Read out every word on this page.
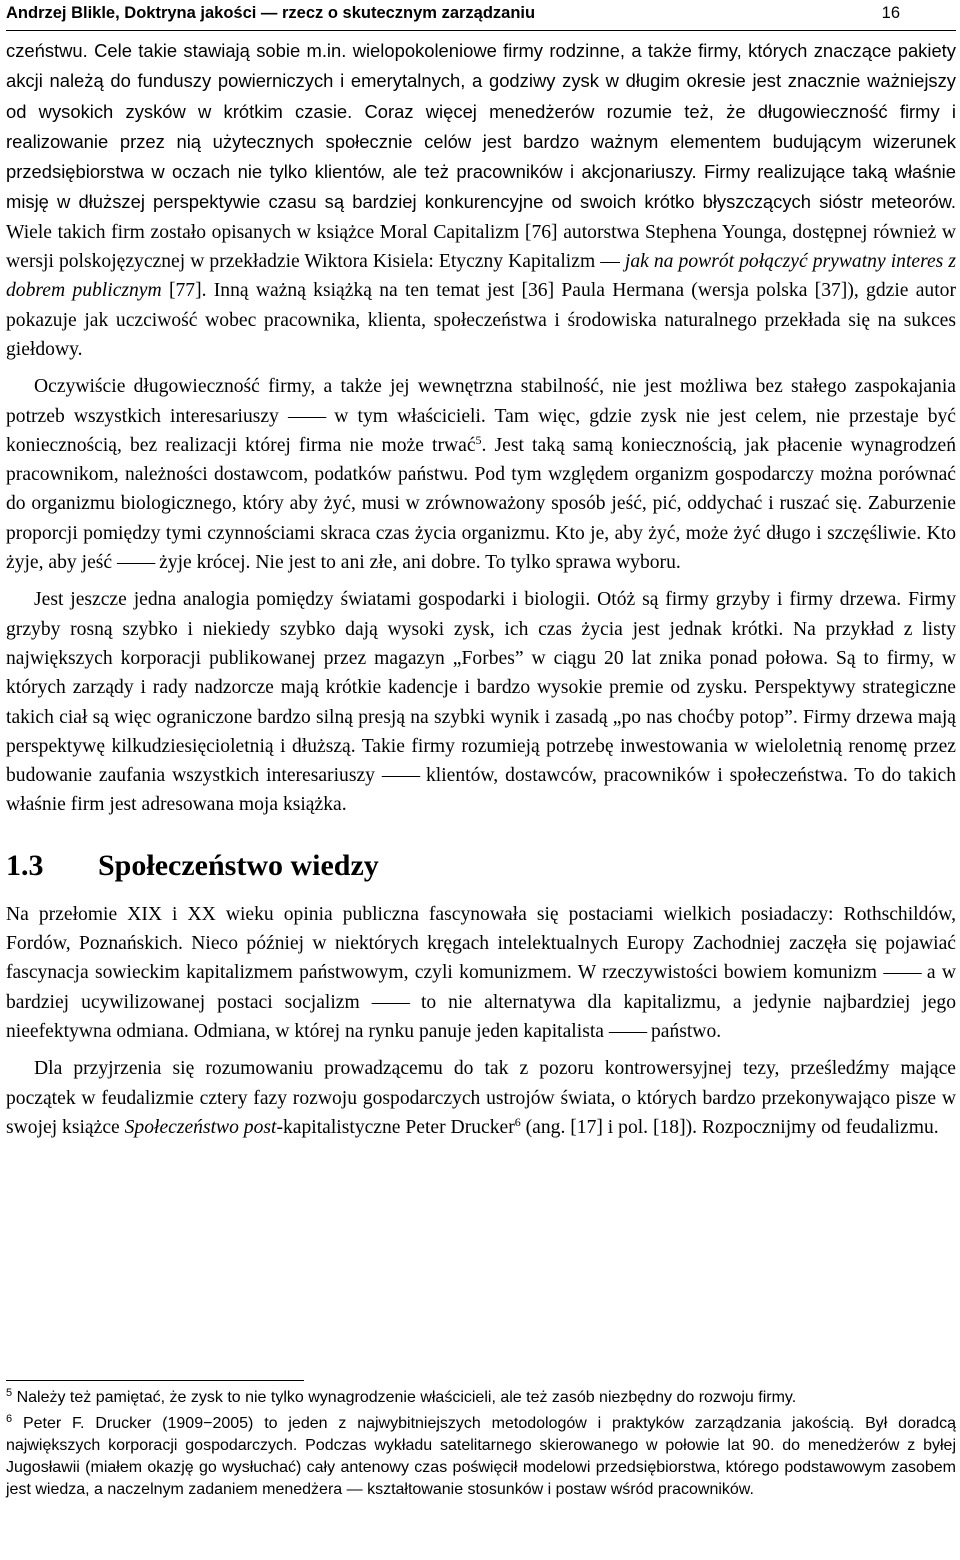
Andrzej Blikle, Doktryna jakości — rzecz o skutecznym zarządzaniu	16

czeństwu. Cele takie stawiają sobie m.in. wielopokoleniowe firmy rodzinne, a także firmy, których znaczące pakiety akcji należą do funduszy powierniczych i emerytalnych, a godziwy zysk w długim okresie jest znacznie ważniejszy od wysokich zysków w krótkim czasie. Coraz więcej menedżerów rozumie też, że długowieczność firmy i realizowanie przez nią użytecznych społecznie celów jest bardzo ważnym elementem budującym wizerunek przedsiębiorstwa w oczach nie tylko klientów, ale też pracowników i akcjonariuszy. Firmy realizujące taką właśnie misję w dłuższej perspektywie czasu są bardziej konkurencyjne od swoich krótko błyszczących sióstr meteorów. Wiele takich firm zostało opisanych w książce Moral Capitalizm [76] autorstwa Stephena Younga, dostępnej również w wersji polskojęzycznej w przekładzie Wiktora Kisiela: Etyczny Kapitalizm — jak na powrót połączyć prywatny interes z dobrem publicznym [77]. Inną ważną książką na ten temat jest [36] Paula Hermana (wersja polska [37]), gdzie autor pokazuje jak uczciwość wobec pracownika, klienta, społeczeństwa i środowiska naturalnego przekłada się na sukces giełdowy.

Oczywiście długowieczność firmy, a także jej wewnętrzna stabilność, nie jest możliwa bez stałego zaspokajania potrzeb wszystkich interesariuszy —— w tym właścicieli. Tam więc, gdzie zysk nie jest celem, nie przestaje być koniecznością, bez realizacji której firma nie może trwać$^5$. Jest taką samą koniecznością, jak płacenie wynagrodzeń pracownikom, należności dostawcom, podatków państwu. Pod tym względem organizm gospodarczy można porównać do organizmu biologicznego, który aby żyć, musi w zrównoważony sposób jeść, pić, oddychać i ruszać się. Zaburzenie proporcji pomiędzy tymi czynnościami skraca czas życia organizmu. Kto je, aby żyć, może żyć długo i szczęśliwie. Kto żyje, aby jeść —— żyje krócej. Nie jest to ani złe, ani dobre. To tylko sprawa wyboru.

Jest jeszcze jedna analogia pomiędzy światami gospodarki i biologii. Otóż są firmy grzyby i firmy drzewa. Firmy grzyby rosną szybko i niekiedy szybko dają wysoki zysk, ich czas życia jest jednak krótki. Na przykład z listy największych korporacji publikowanej przez magazyn „Forbes” w ciągu 20 lat znika ponad połowa. Są to firmy, w których zarządy i rady nadzorcze mają krótkie kadencje i bardzo wysokie premie od zysku. Perspektywy strategiczne takich ciał są więc ograniczone bardzo silną presją na szybki wynik i zasadą „po nas choćby potop”. Firmy drzewa mają perspektywę kilkudziesięcioletnią i dłuższą. Takie firmy rozumieją potrzebę inwestowania w wieloletnią renomę przez budowanie zaufania wszystkich interesariuszy —— klientów, dostawców, pracowników i społeczeństwa. To do takich właśnie firm jest adresowana moja książka.

1.3 Społeczeństwo wiedzy

Na przełomie XIX i XX wieku opinia publiczna fascynowała się postaciami wielkich posiadaczy: Rothschildów, Fordów, Poznańskich. Nieco później w niektórych kręgach intelektualnych Europy Zachodniej zaczęła się pojawiać fascynacja sowieckim kapitalizmem państwowym, czyli komunizmem. W rzeczywistości bowiem komunizm —— a w bardziej ucywilizowanej postaci socjalizm —— to nie alternatywa dla kapitalizmu, a jedynie najbardziej jego nieefektywna odmiana. Odmiana, w której na rynku panuje jeden kapitalista —— państwo.

Dla przyjrzenia się rozumowaniu prowadzącemu do tak z pozoru kontrowersyjnej tezy, prześledźmy mające początek w feudalizmie cztery fazy rozwoju gospodarczych ustrojów świata, o których bardzo przekonywająco pisze w swojej książce Społeczeństwo post-kapitalistyczne Peter Drucker$^6$ (ang. [17] i pol. [18]). Rozpocznijmy od feudalizmu.

$^5$ Należy też pamiętać, że zysk to nie tylko wynagrodzenie właścicieli, ale też zasób niezbędny do rozwoju firmy.

$^6$ Peter F. Drucker (1909−2005) to jeden z najwybitniejszych metodologów i praktyków zarządzania jakością. Był doradcą największych korporacji gospodarczych. Podczas wykładu satelitarnego skierowanego w połowie lat 90. do menedżerów z byłej Jugosławii (miałem okazję go wysłuchać) cały antenowy czas poświęcił modelowi przedsiębiorstwa, którego podstawowym zasobem jest wiedza, a naczelnym zadaniem menedżera — kształtowanie stosunków i postaw wśród pracowników.
